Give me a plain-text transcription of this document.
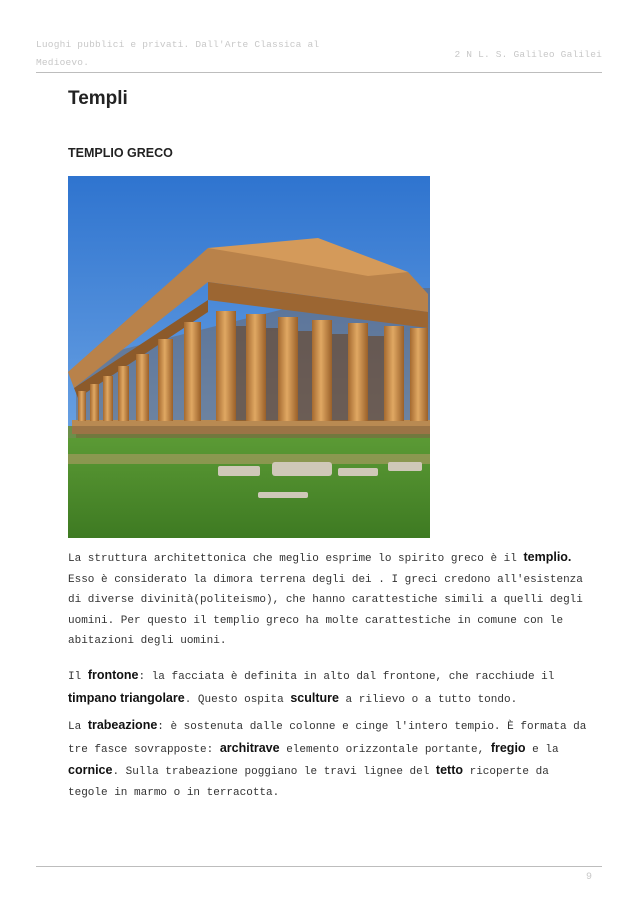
Luoghi pubblici e privati. Dall'Arte Classica al Medioevo.
2 N L. S. Galileo Galilei
Templi
TEMPLIO GRECO

La struttura architettonica che meglio esprime lo spirito greco è il templio. Esso è considerato la dimora terrena degli dei . I greci credono all'esistenza di diverse divinità(politeismo), che hanno carattestiche simili a quelli degli uomini. Per questo il templio greco ha molte carattestiche in comune con le abitazioni degli uomini.

Il frontone: la facciata è definita in alto dal frontone, che racchiude il timpano triangolare. Questo ospita sculture a rilievo o a tutto tondo.

La trabeazione: è sostenuta dalle colonne e cinge l'intero tempio. È formata da tre fasce sovrapposte: architrave elemento orizzontale portante, fregio e la cornice. Sulla trabeazione poggiano le travi lignee del tetto ricoperte da tegole in marmo o in terracotta.

9
